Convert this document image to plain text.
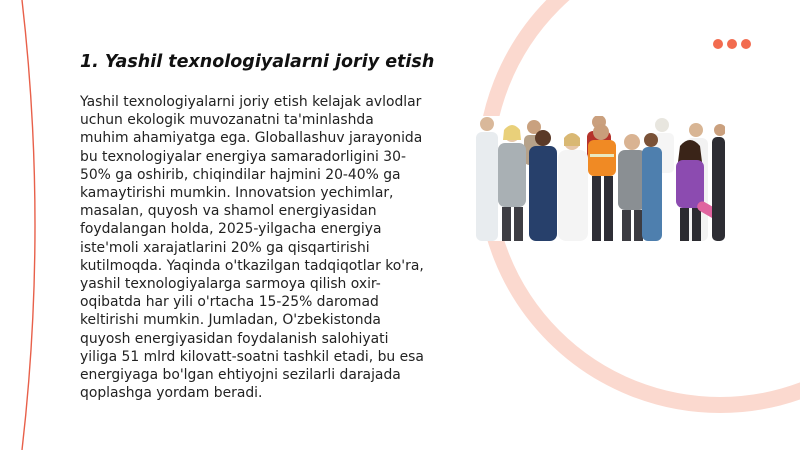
1. Yashil texnologiyalarni joriy etish

Yashil texnologiyalarni joriy etish kelajak avlodlar uchun ekologik muvozanatni ta'minlashda muhim ahamiyatga ega. Globallashuv jarayonida bu texnologiyalar energiya samaradorligini 30-50% ga oshirib, chiqindilar hajmini 20-40% ga kamaytirishi mumkin. Innovatsion yechimlar, masalan, quyosh va shamol energiyasidan foydalangan holda, 2025-yilgacha energiya iste'moli xarajatlarini 20% ga qisqartirishi kutilmoqda. Yaqinda o'tkazilgan tadqiqotlar ko'ra, yashil texnologiyalarga sarmoya qilish oxir-oqibatda har yili o'rtacha 15-25% daromad keltirishi mumkin. Jumladan, O'zbekistonda quyosh energiyasidan foydalanish salohiyati yiliga 51 mlrd kilovatt-soatni tashkil etadi, bu esa energiyaga bo'lgan ehtiyojni sezilarli darajada qoplashga yordam beradi.
